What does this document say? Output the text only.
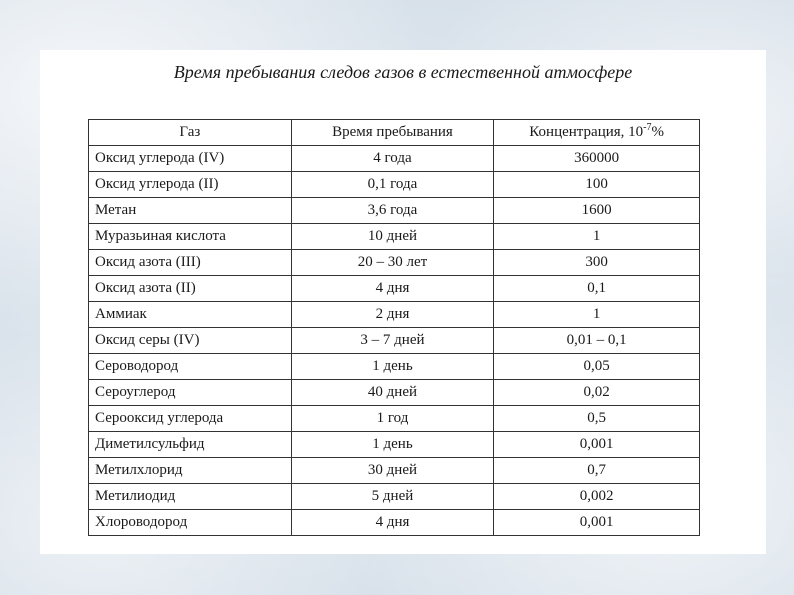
Время пребывания следов газов в естественной атмосфере
Газ	Время пребывания	Концентрация, $10^{-7}\%$
Оксид углерода (IV)	4 года	360000
Оксид углерода (II)	0,1 года	100
Метан	3,6 года	1600
Муразьиная кислота	10 дней	1
Оксид азота (III)	20 – 30 лет	300
Оксид азота (II)	4 дня	0,1
Аммиак	2 дня	1
Оксид серы (IV)	3 – 7 дней	0,01 – 0,1
Сероводород	1 день	0,05
Сероуглерод	40 дней	0,02
Серооксид углерода	1 год	0,5
Диметилсульфид	1 день	0,001
Метилхлорид	30 дней	0,7
Метилиодид	5 дней	0,002
Хлороводород	4 дня	0,001
